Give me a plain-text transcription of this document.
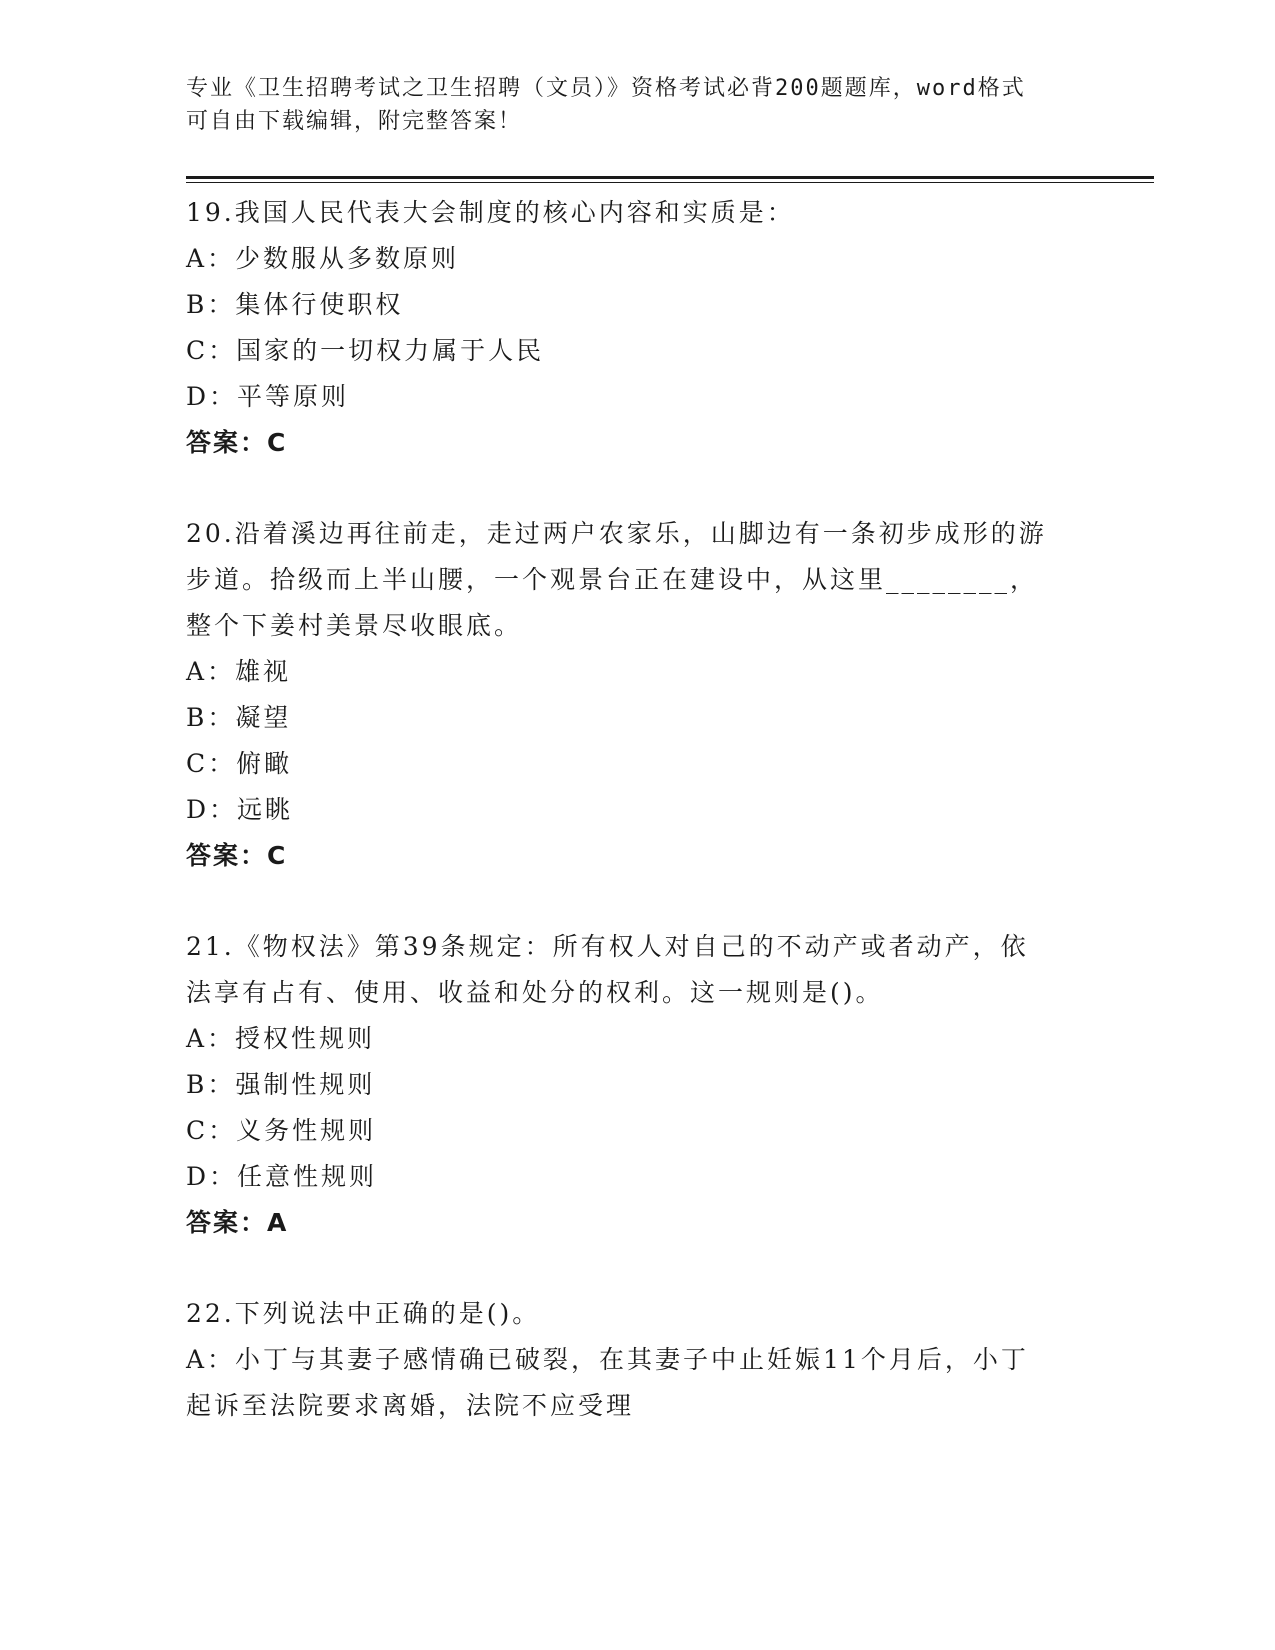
专业《卫生招聘考试之卫生招聘（文员）》资格考试必背200题题库，word格式
可自由下载编辑，附完整答案！

19.我国人民代表大会制度的核心内容和实质是：

A：少数服从多数原则

B：集体行使职权

C：国家的一切权力属于人民

D：平等原则

答案：C

20.沿着溪边再往前走，走过两户农家乐，山脚边有一条初步成形的游

步道。拾级而上半山腰，一个观景台正在建设中，从这里________，

整个下姜村美景尽收眼底。

A：雄视

B：凝望

C：俯瞰

D：远眺

答案：C

21.《物权法》第39条规定：所有权人对自己的不动产或者动产，依

法享有占有、使用、收益和处分的权利。这一规则是()。

A：授权性规则

B：强制性规则

C：义务性规则

D：任意性规则

答案：A

22.下列说法中正确的是()。

A：小丁与其妻子感情确已破裂，在其妻子中止妊娠11个月后，小丁

起诉至法院要求离婚，法院不应受理
